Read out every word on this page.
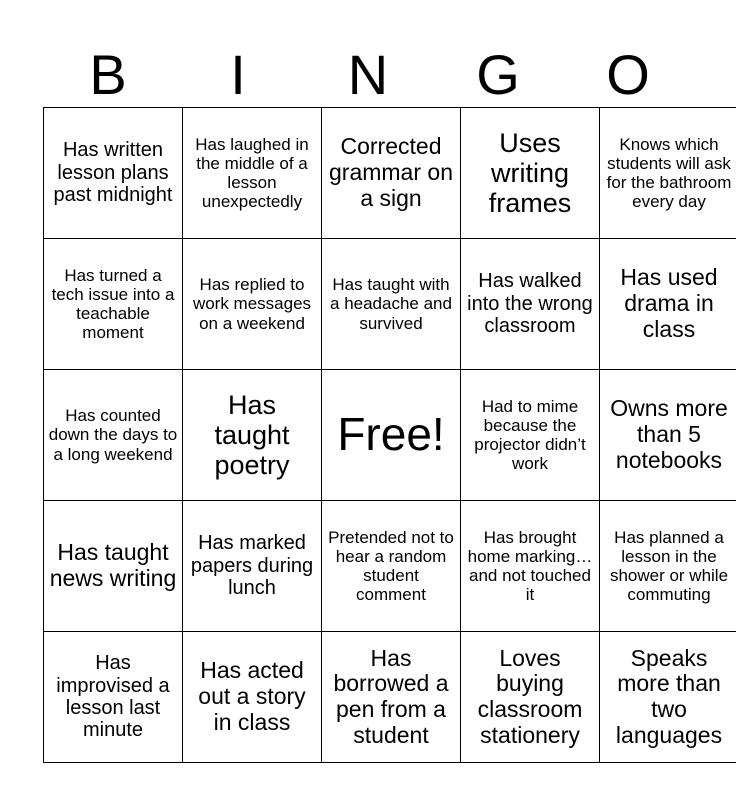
B	I	N	G	O
Has written lesson plans past midnight	Has laughed in the middle of a lesson unexpectedly	Corrected grammar on a sign	Uses writing frames	Knows which students will ask for the bathroom every day
Has turned a tech issue into a teachable moment	Has replied to work messages on a weekend	Has taught with a headache and survived	Has walked into the wrong classroom	Has used drama in class
Has counted down the days to a long weekend	Has taught poetry	Free!	Had to mime because the projector didn’t work	Owns more than 5 notebooks
Has taught news writing	Has marked papers during lunch	Pretended not to hear a random student comment	Has brought home marking… and not touched it	Has planned a lesson in the shower or while commuting
Has improvised a lesson last minute	Has acted out a story in class	Has borrowed a pen from a student	Loves buying classroom stationery	Speaks more than two languages
